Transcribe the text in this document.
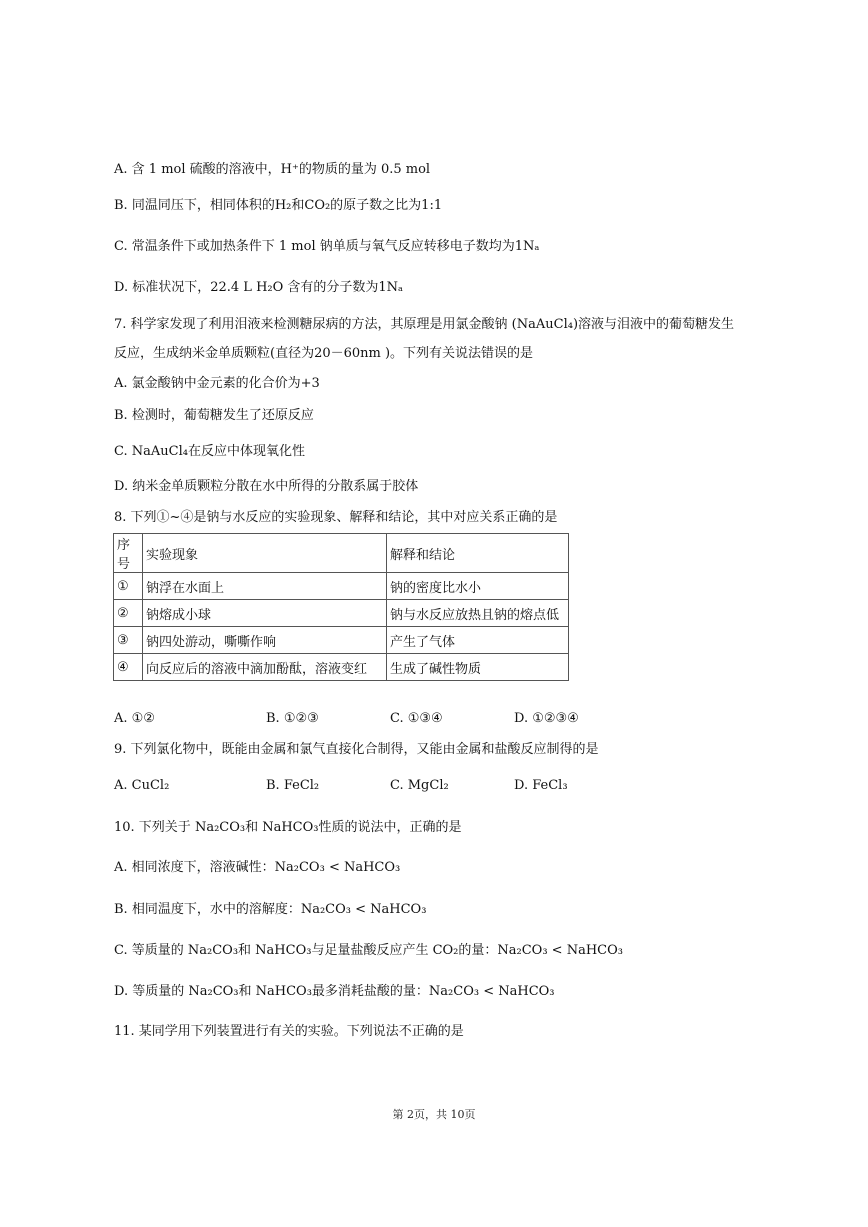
A. 含 1 mol 硫酸的溶液中，H⁺的物质的量为 0.5 mol
B. 同温同压下，相同体积的H₂和CO₂的原子数之比为1:1
C. 常温条件下或加热条件下 1 mol 钠单质与氧气反应转移电子数均为1Nₐ
D. 标准状况下，22.4 L H₂O 含有的分子数为1Nₐ
7. 科学家发现了利用泪液来检测糖尿病的方法，其原理是用氯金酸钠 (NaAuCl₄)溶液与泪液中的葡萄糖发生
反应，生成纳米金单质颗粒(直径为20－60nm )。下列有关说法错误的是
A. 氯金酸钠中金元素的化合价为+3
B. 检测时，葡萄糖发生了还原反应
C. NaAuCl₄在反应中体现氧化性
D. 纳米金单质颗粒分散在水中所得的分散系属于胶体
8. 下列①~④是钠与水反应的实验现象、解释和结论，其中对应关系正确的是
序号	实验现象	解释和结论
①	钠浮在水面上	钠的密度比水小
②	钠熔成小球	钠与水反应放热且钠的熔点低
③	钠四处游动，嘶嘶作响	产生了气体
④	向反应后的溶液中滴加酚酞，溶液变红	生成了碱性物质
A. ①②	B. ①②③	C. ①③④	D. ①②③④
9. 下列氯化物中，既能由金属和氯气直接化合制得，又能由金属和盐酸反应制得的是
A. CuCl₂	B. FeCl₂	C. MgCl₂	D. FeCl₃
10. 下列关于 Na₂CO₃和 NaHCO₃性质的说法中，正确的是
A. 相同浓度下，溶液碱性：Na₂CO₃ < NaHCO₃
B. 相同温度下，水中的溶解度：Na₂CO₃ < NaHCO₃
C. 等质量的 Na₂CO₃和 NaHCO₃与足量盐酸反应产生 CO₂的量：Na₂CO₃ < NaHCO₃
D. 等质量的 Na₂CO₃和 NaHCO₃最多消耗盐酸的量：Na₂CO₃ < NaHCO₃
11. 某同学用下列装置进行有关的实验。下列说法不正确的是
第 2页，共 10页
